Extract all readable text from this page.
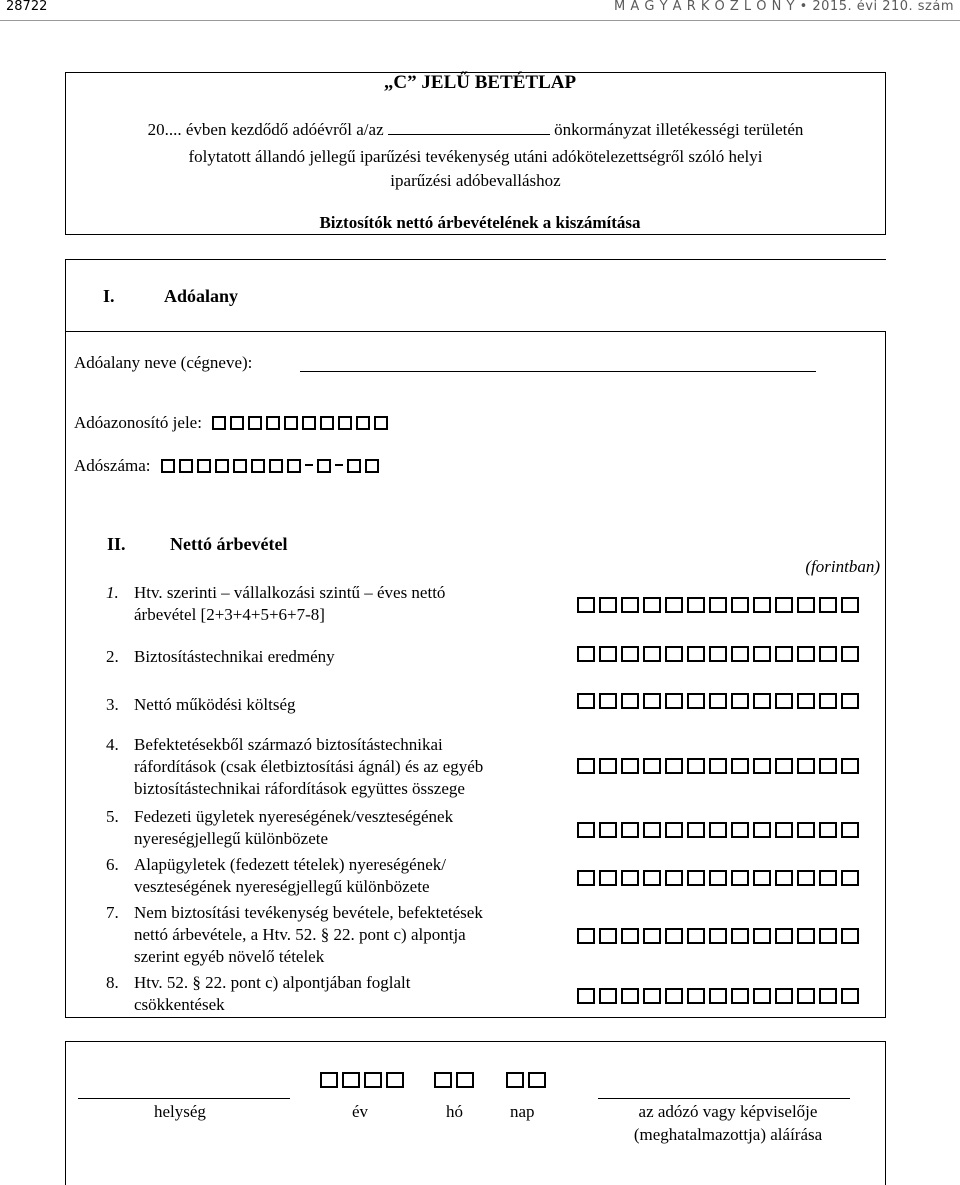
28722	M A G Y A R K Ö Z L Ö N Y • 2015. évi 210. szám
„C” JELŰ BETÉTLAP
20.... évben kezdődő adóévről a/az	önkormányzat illetékességi területén
folytatott állandó jellegű iparűzési tevékenység utáni adókötelezettségről szóló helyi
iparűzési adóbevalláshoz
Biztosítók nettó árbevételének a kiszámítása
I.	Adóalany
Adóalany neve (cégneve):
Adóazonosító jele:
Adószáma:
II. Nettó árbevétel
(forintban)
1. Htv. szerinti – vállalkozási szintű – éves nettó
árbevétel [2+3+4+5+6+7-8]
2. Biztosítástechnikai eredmény
3. Nettó működési költség
4. Befektetésekből származó biztosítástechnikai
ráfordítások (csak életbiztosítási ágnál) és az egyéb
biztosítástechnikai ráfordítások együttes összege
5. Fedezeti ügyletek nyereségének/veszteségének
nyereségjellegű különbözete
6. Alapügyletek (fedezett tételek) nyereségének/
veszteségének nyereségjellegű különbözete
7. Nem biztosítási tevékenység bevétele, befektetések
nettó árbevétele, a Htv. 52. § 22. pont c) alpontja
szerint egyéb növelő tételek
8. Htv. 52. § 22. pont c) alpontjában foglalt
csökkentések
helység	év	hó	nap	az adózó vagy képviselője
(meghatalmazottja) aláírása
